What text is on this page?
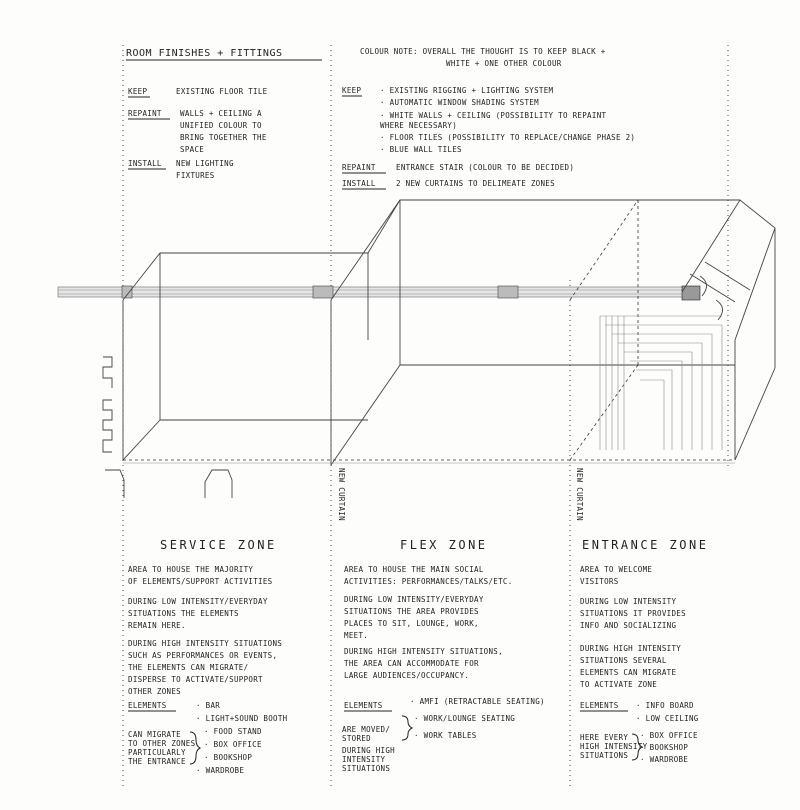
ROOM FINISHES + FITTINGS	COLOUR NOTE: OVERALL THE THOUGHT IS TO KEEP BLACK +
WHITE + ONE OTHER COLOUR
KEEP	EXISTING FLOOR TILE
REPAINT WALLS + CEILING A
UNIFIED COLOUR TO
BRING TOGETHER THE
SPACE
INSTALL NEW LIGHTING
FIXTURES
KEEP · EXISTING RIGGING + LIGHTING SYSTEM
· AUTOMATIC WINDOW SHADING SYSTEM
· WHITE WALLS + CEILING (POSSIBILITY TO REPAINT
WHERE NECESSARY)
· FLOOR TILES (POSSIBILITY TO REPLACE/CHANGE PHASE 2)
· BLUE WALL TILES
REPAINT	ENTRANCE STAIR (COLOUR TO BE DECIDED)
INSTALL	2 NEW CURTAINS TO DELIMEATE ZONES
NEW CURTAIN	NEW CURTAIN
SERVICE ZONE
AREA TO HOUSE THE MAJORITY
OF ELEMENTS/SUPPORT ACTIVITIES
DURING LOW INTENSITY/EVERYDAY
SITUATIONS THE ELEMENTS
REMAIN HERE.
DURING HIGH INTENSITY SITUATIONS
SUCH AS PERFORMANCES OR EVENTS,
THE ELEMENTS CAN MIGRATE/
DISPERSE TO ACTIVATE/SUPPORT
OTHER ZONES
ELEMENTS
CAN MIGRATE
TO OTHER ZONES
PARTICULARLY
THE ENTRANCE
· BAR
· LIGHT+SOUND BOOTH
· FOOD STAND
· BOX OFFICE
· BOOKSHOP
· WARDROBE
FLEX ZONE
AREA TO HOUSE THE MAIN SOCIAL
ACTIVITIES: PERFORMANCES/TALKS/ETC.
DURING LOW INTENSITY/EVERYDAY
SITUATIONS THE AREA PROVIDES
PLACES TO SIT, LOUNGE, WORK,
MEET.
DURING HIGH INTENSITY SITUATIONS,
THE AREA CAN ACCOMMODATE FOR
LARGE AUDIENCES/OCCUPANCY.
ELEMENTS
ARE MOVED/
STORED
DURING HIGH
INTENSITY
SITUATIONS
· AMFI (RETRACTABLE SEATING)
· WORK/LOUNGE SEATING
· WORK TABLES
ENTRANCE ZONE
AREA TO WELCOME
VISITORS
DURING LOW INTENSITY
SITUATIONS IT PROVIDES
INFO AND SOCIALIZING
DURING HIGH INTENSITY
SITUATIONS SEVERAL
ELEMENTS CAN MIGRATE
TO ACTIVATE ZONE
ELEMENTS
HERE EVERY
HIGH INTENSITY
SITUATIONS
· INFO BOARD
· LOW CEILING
· BOX OFFICE
· BOOKSHOP
· WARDROBE
